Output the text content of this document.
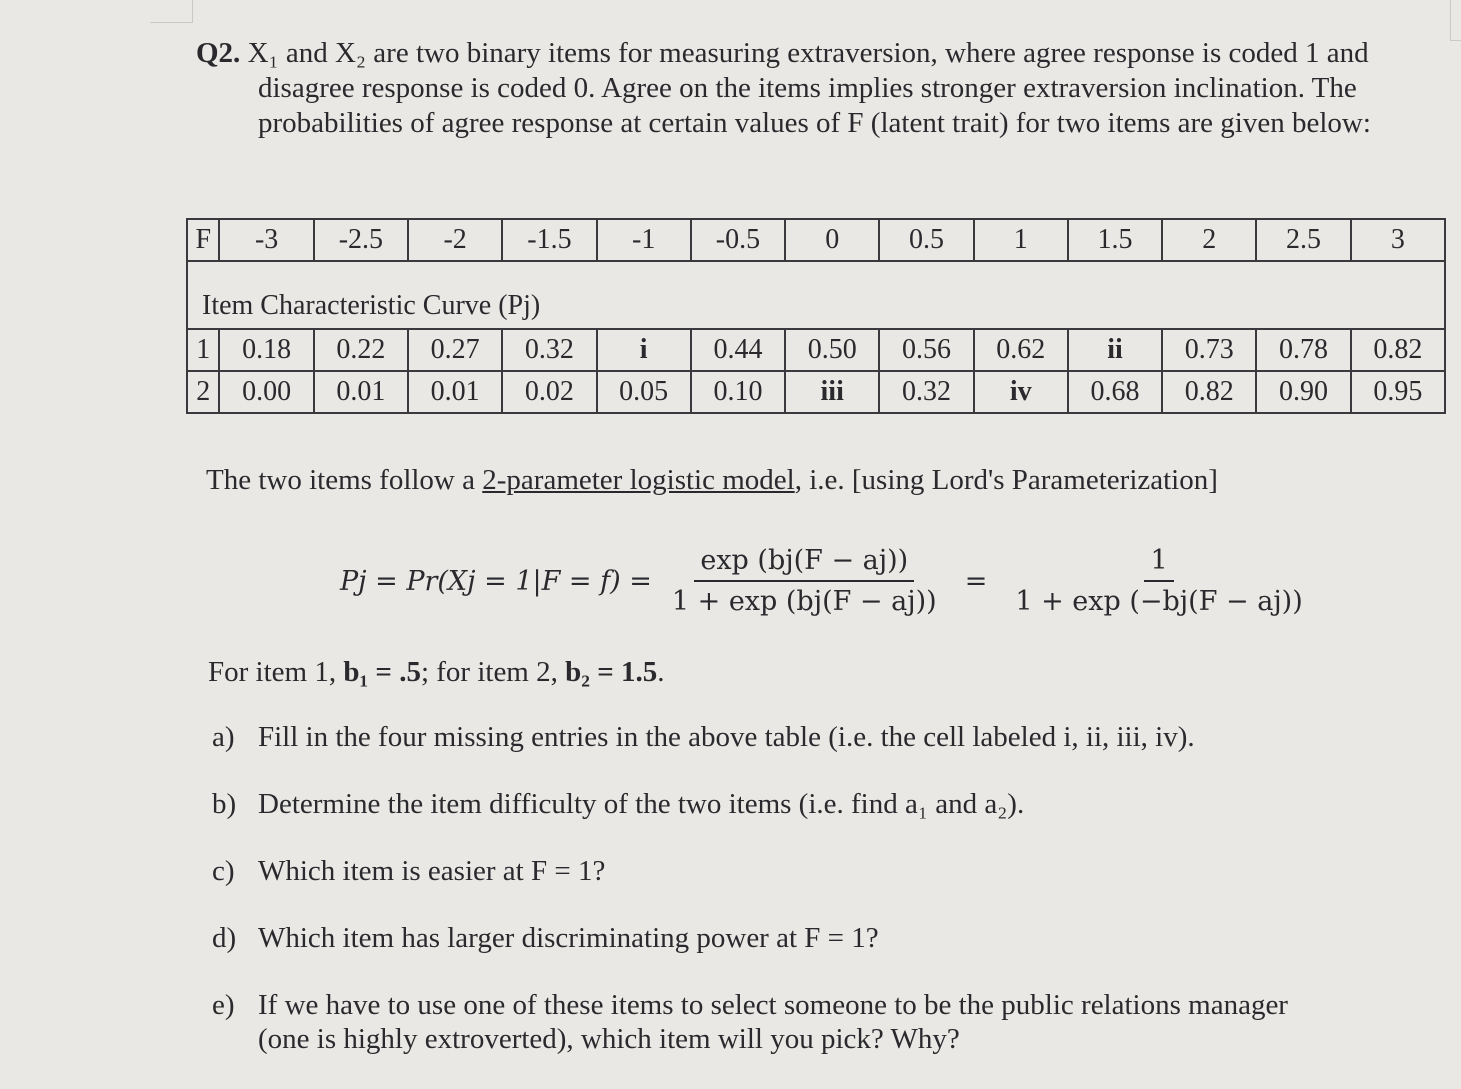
Q2. X₁ and X₂ are two binary items for measuring extraversion, where agree response is coded 1 and disagree response is coded 0. Agree on the items implies stronger extraversion inclination. The probabilities of agree response at certain values of F (latent trait) for two items are given below:
F	-3	-2.5	-2	-1.5	-1	-0.5	0	0.5	1	1.5	2	2.5	3
Item Characteristic Curve (Pj)													
1	0.18	0.22	0.27	0.32	i	0.44	0.50	0.56	0.62	ii	0.73	0.78	0.82
2	0.00	0.01	0.01	0.02	0.05	0.10	iii	0.32	iv	0.68	0.82	0.90	0.95
The two items follow a 2-parameter logistic model, i.e. [using Lord's Parameterization]
$Pj = Pr(Xj = 1|F = f) = \frac{\exp (bj(F - aj))}{1 + \exp (bj(F - aj))} = \frac{1}{1 + \exp (-bj(F - aj))}$
For item 1, b₁ = .5; for item 2, b₂ = 1.5.
a) Fill in the four missing entries in the above table (i.e. the cell labeled i, ii, iii, iv).
b) Determine the item difficulty of the two items (i.e. find a₁ and a₂).
c) Which item is easier at F = 1?
d) Which item has larger discriminating power at F = 1?
e) If we have to use one of these items to select someone to be the public relations manager (one is highly extroverted), which item will you pick? Why?
